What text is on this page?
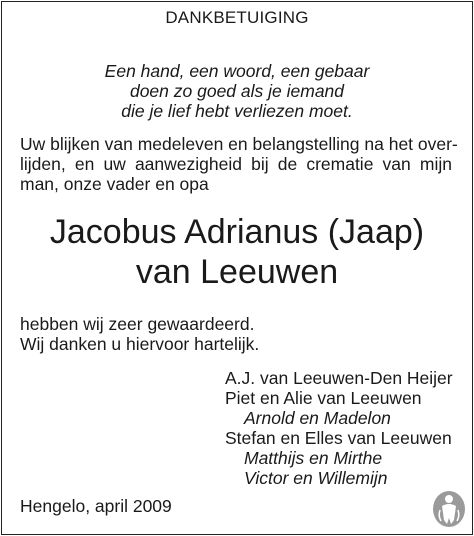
DANKBETUIGING
Een hand, een woord, een gebaar
doen zo goed als je iemand
die je lief hebt verliezen moet.
Uw blijken van medeleven en belangstelling na het over-
lijden, en uw aanwezigheid bij de crematie van mijn
man, onze vader en opa
Jacobus Adrianus (Jaap)
van Leeuwen
hebben wij zeer gewaardeerd.
Wij danken u hiervoor hartelijk.
A.J. van Leeuwen-Den Heijer
Piet en Alie van Leeuwen
Arnold en Madelon
Stefan en Elles van Leeuwen
Matthijs en Mirthe
Victor en Willemijn
Hengelo, april 2009
